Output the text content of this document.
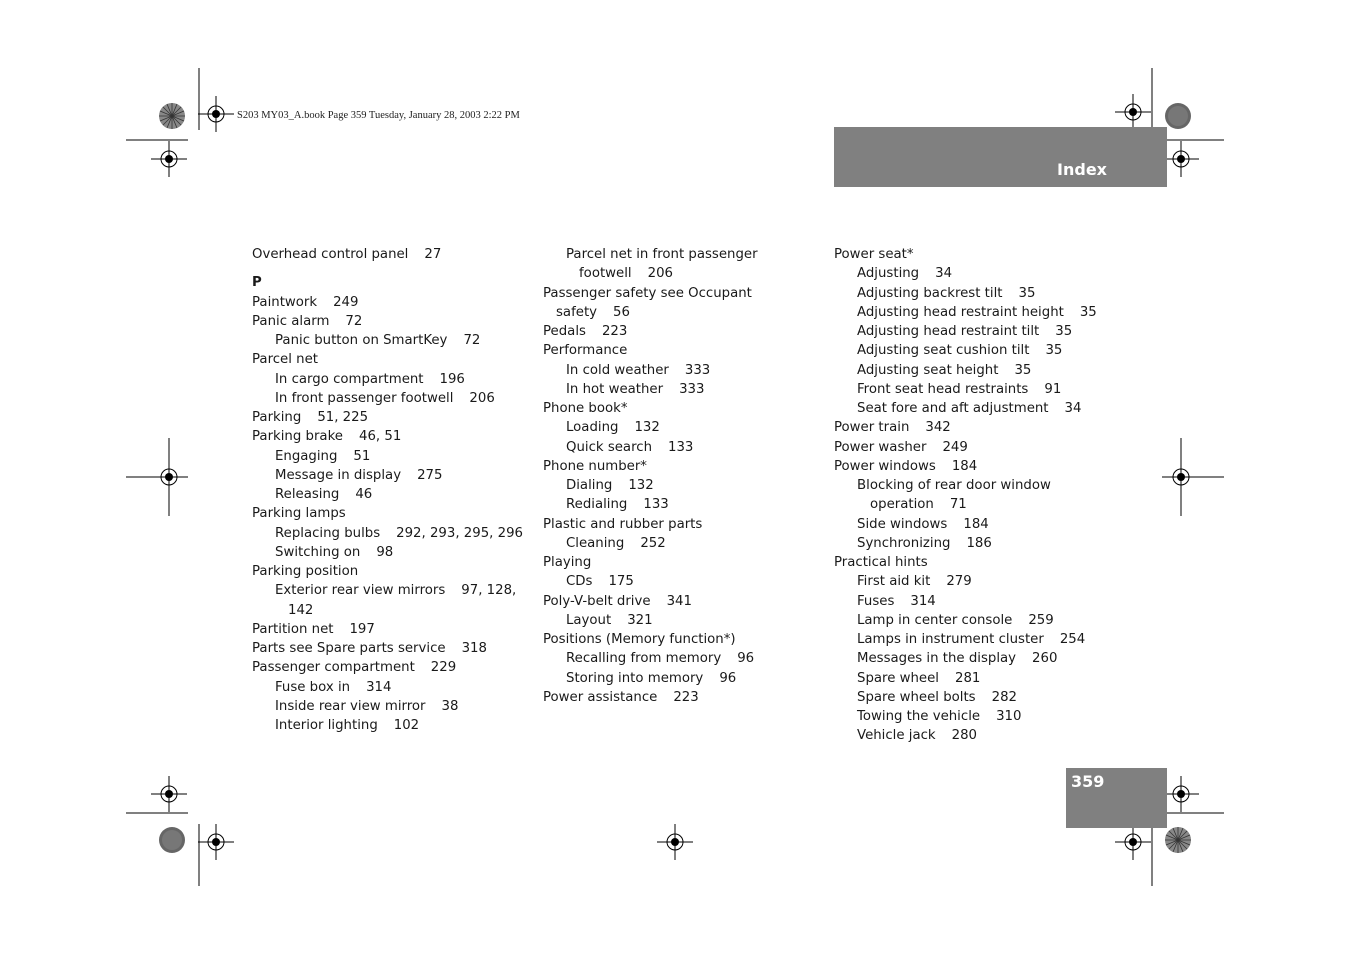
S203 MY03_A.book Page 359 Tuesday, January 28, 2003 2:22 PM
Index
359
Overhead control panel 27
P
Paintwork 249
Panic alarm 72
Panic button on SmartKey 72
Parcel net
In cargo compartment 196
In front passenger footwell 206
Parking 51, 225
Parking brake 46, 51
Engaging 51
Message in display 275
Releasing 46
Parking lamps
Replacing bulbs 292, 293, 295, 296
Switching on 98
Parking position
Exterior rear view mirrors 97, 128,
142
Partition net 197
Parts see Spare parts service 318
Passenger compartment 229
Fuse box in 314
Inside rear view mirror 38
Interior lighting 102
Parcel net in front passenger
footwell 206
Passenger safety see Occupant
safety 56
Pedals 223
Performance
In cold weather 333
In hot weather 333
Phone book*
Loading 132
Quick search 133
Phone number*
Dialing 132
Redialing 133
Plastic and rubber parts
Cleaning 252
Playing
CDs 175
Poly-V-belt drive 341
Layout 321
Positions (Memory function*)
Recalling from memory 96
Storing into memory 96
Power assistance 223
Power seat*
Adjusting 34
Adjusting backrest tilt 35
Adjusting head restraint height 35
Adjusting head restraint tilt 35
Adjusting seat cushion tilt 35
Adjusting seat height 35
Front seat head restraints 91
Seat fore and aft adjustment 34
Power train 342
Power washer 249
Power windows 184
Blocking of rear door window
operation 71
Side windows 184
Synchronizing 186
Practical hints
First aid kit 279
Fuses 314
Lamp in center console 259
Lamps in instrument cluster 254
Messages in the display 260
Spare wheel 281
Spare wheel bolts 282
Towing the vehicle 310
Vehicle jack 280
